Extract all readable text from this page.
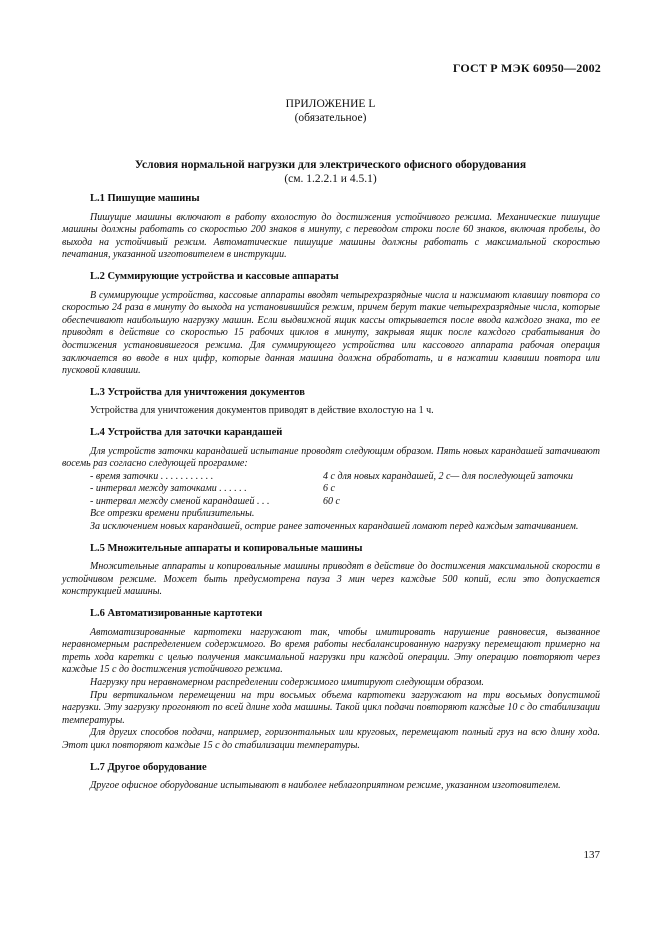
ГОСТ Р МЭК 60950—2002
ПРИЛОЖЕНИЕ L
(обязательное)
Условия нормальной нагрузки для электрического офисного оборудования
(см. 1.2.2.1 и 4.5.1)
L.1 Пишущие машины

Пишущие машины включают в работу вхолостую до достижения устойчивого режима. Механические пишущие машины должны работать со скоростью 200 знаков в минуту, с переводом строки после 60 знаков, включая пробелы, до выхода на устойчивый режим. Автоматические пишущие машины должны работать с максимальной скоростью печатания, указанной изготовителем в инструкции.

L.2 Суммирующие устройства и кассовые аппараты

В суммирующие устройства, кассовые аппараты вводят четырехразрядные числа и нажимают клавишу повтора со скоростью 24 раза в минуту до выхода на установившийся режим, причем берут такие четырехразрядные числа, которые обеспечивают наибольшую нагрузку машин. Если выдвижной ящик кассы открывается после ввода каждого знака, то ее приводят в действие со скоростью 15 рабочих циклов в минуту, закрывая ящик после каждого срабатывания до достижения установившегося режима. Для суммирующего устройства или кассового аппарата рабочая операция заключается во вводе в них цифр, которые данная машина должна обработать, и в нажатии клавиши повтора или пусковой клавиши.

L.3 Устройства для уничтожения документов

Устройства для уничтожения документов приводят в действие вхолостую на 1 ч.

L.4 Устройства для заточки карандашей

Для устройств заточки карандашей испытание проводят следующим образом. Пять новых карандашей затачивают восемь раз согласно следующей программе:

- время заточки . . . . . . . . . . .	4 с для новых карандашей, 2 с— для последующей заточки
- интервал между заточками . . . . . .	6 с
- интервал между сменой карандашей . . .	60 с
Все отрезки времени приблизительны.

За исключением новых карандашей, острие ранее заточенных карандашей ломают перед каждым затачиванием.

L.5 Множительные аппараты и копировальные машины

Множительные аппараты и копировальные машины приводят в действие до достижения максимальной скорости в устойчивом режиме. Может быть предусмотрена пауза 3 мин через каждые 500 копий, если это допускается конструкцией машины.

L.6 Автоматизированные картотеки

Автоматизированные картотеки нагружают так, чтобы имитировать нарушение равновесия, вызванное неравномерным распределением содержимого. Во время работы несбалансированную нагрузку перемещают примерно на треть хода каретки с целью получения максимальной нагрузки при каждой операции. Эту операцию повторяют через каждые 15 с до достижения устойчивого режима.

Нагрузку при неравномерном распределении содержимого имитируют следующим образом.

При вертикальном перемещении на три восьмых объема картотеки загружают на три восьмых допустимой нагрузки. Эту загрузку прогоняют по всей длине хода машины. Такой цикл подачи повторяют каждые 10 с до стабилизации температуры.

Для других способов подачи, например, горизонтальных или круговых, перемещают полный груз на всю длину хода. Этот цикл повторяют каждые 15 с до стабилизации температуры.

L.7 Другое оборудование

Другое офисное оборудование испытывают в наиболее неблагоприятном режиме, указанном изготовителем.

137
